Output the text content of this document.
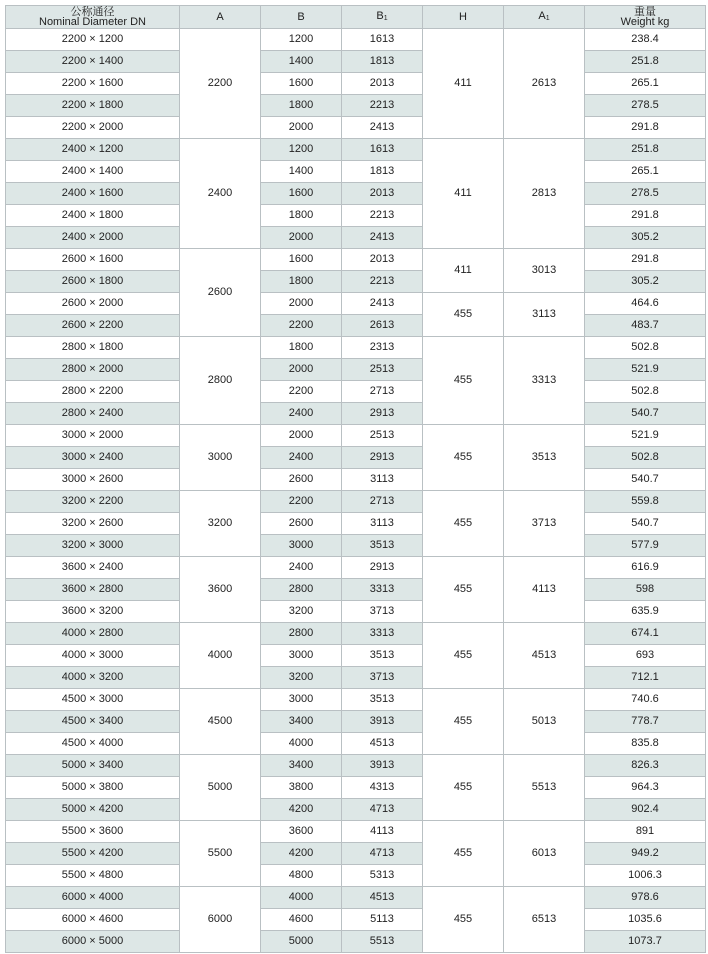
公称通径
Nominal Diameter DN	A	B	$B_1$	H	$A_1$	重量
Weight kg

2200 × 1200	2200	1200	1613	411	2613	238.4
2200 × 1400		1400	1813			251.8
2200 × 1600		1600	2013			265.1
2200 × 1800		1800	2213			278.5
2200 × 2000		2000	2413			291.8
2400 × 1200	2400	1200	1613	411	2813	251.8
2400 × 1400		1400	1813			265.1
2400 × 1600		1600	2013			278.5
2400 × 1800		1800	2213			291.8
2400 × 2000		2000	2413			305.2
2600 × 1600	2600	1600	2013	411	3013	291.8
2600 × 1800		1800	2213			305.2
2600 × 2000		2000	2413	455	3113	464.6
2600 × 2200		2200	2613			483.7
2800 × 1800	2800	1800	2313	455	3313	502.8
2800 × 2000		2000	2513			521.9
2800 × 2200		2200	2713			502.8
2800 × 2400		2400	2913			540.7
3000 × 2000	3000	2000	2513	455	3513	521.9
3000 × 2400		2400	2913			502.8
3000 × 2600		2600	3113			540.7
3200 × 2200	3200	2200	2713	455	3713	559.8
3200 × 2600		2600	3113			540.7
3200 × 3000		3000	3513			577.9
3600 × 2400	3600	2400	2913	455	4113	616.9
3600 × 2800		2800	3313			598
3600 × 3200		3200	3713			635.9
4000 × 2800	4000	2800	3313	455	4513	674.1
4000 × 3000		3000	3513			693
4000 × 3200		3200	3713			712.1
4500 × 3000	4500	3000	3513	455	5013	740.6
4500 × 3400		3400	3913			778.7
4500 × 4000		4000	4513			835.8
5000 × 3400	5000	3400	3913	455	5513	826.3
5000 × 3800		3800	4313			964.3
5000 × 4200		4200	4713			902.4
5500 × 3600	5500	3600	4113	455	6013	891
5500 × 4200		4200	4713			949.2
5500 × 4800		4800	5313			1006.3
6000 × 4000	6000	4000	4513	455	6513	978.6
6000 × 4600		4600	5113			1035.6
6000 × 5000		5000	5513			1073.7
